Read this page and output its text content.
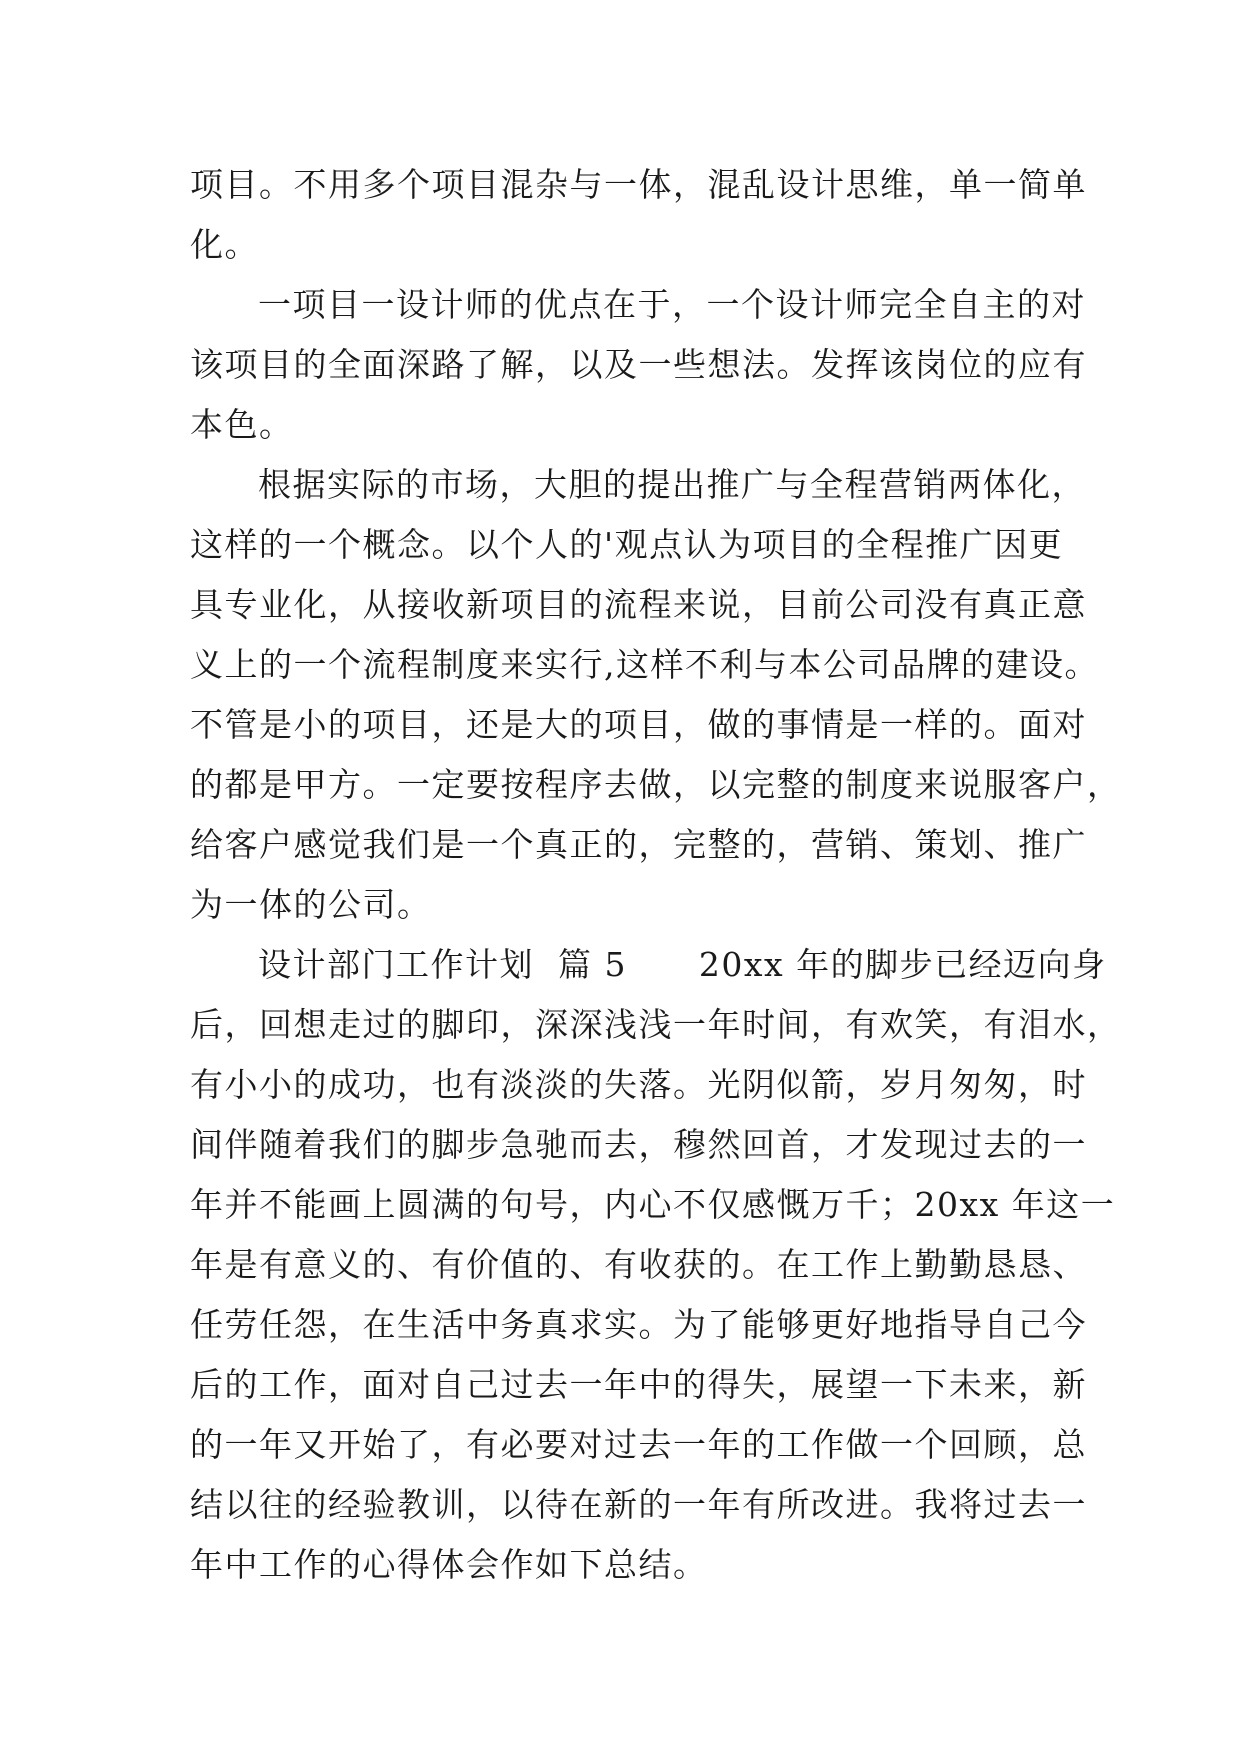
项目。不用多个项目混杂与一体，混乱设计思维，单一简单
化。
一项目一设计师的优点在于，一个设计师完全自主的对
该项目的全面深路了解，以及一些想法。发挥该岗位的应有
本色。
根据实际的市场，大胆的提出推广与全程营销两体化，
这样的一个概念。以个人的'观点认为项目的全程推广因更
具专业化，从接收新项目的流程来说，目前公司没有真正意
义上的一个流程制度来实行,这样不利与本公司品牌的建设。
不管是小的项目，还是大的项目，做的事情是一样的。面对
的都是甲方。一定要按程序去做，以完整的制度来说服客户，
给客户感觉我们是一个真正的，完整的，营销、策划、推广
为一体的公司。
设计部门工作计划  篇 5      20xx 年的脚步已经迈向身
后，回想走过的脚印，深深浅浅一年时间，有欢笑，有泪水，
有小小的成功，也有淡淡的失落。光阴似箭，岁月匆匆，时
间伴随着我们的脚步急驰而去，穆然回首，才发现过去的一
年并不能画上圆满的句号，内心不仅感慨万千；20xx 年这一
年是有意义的、有价值的、有收获的。在工作上勤勤恳恳、
任劳任怨，在生活中务真求实。为了能够更好地指导自己今
后的工作，面对自己过去一年中的得失，展望一下未来，新
的一年又开始了，有必要对过去一年的工作做一个回顾，总
结以往的经验教训，以待在新的一年有所改进。我将过去一
年中工作的心得体会作如下总结。
